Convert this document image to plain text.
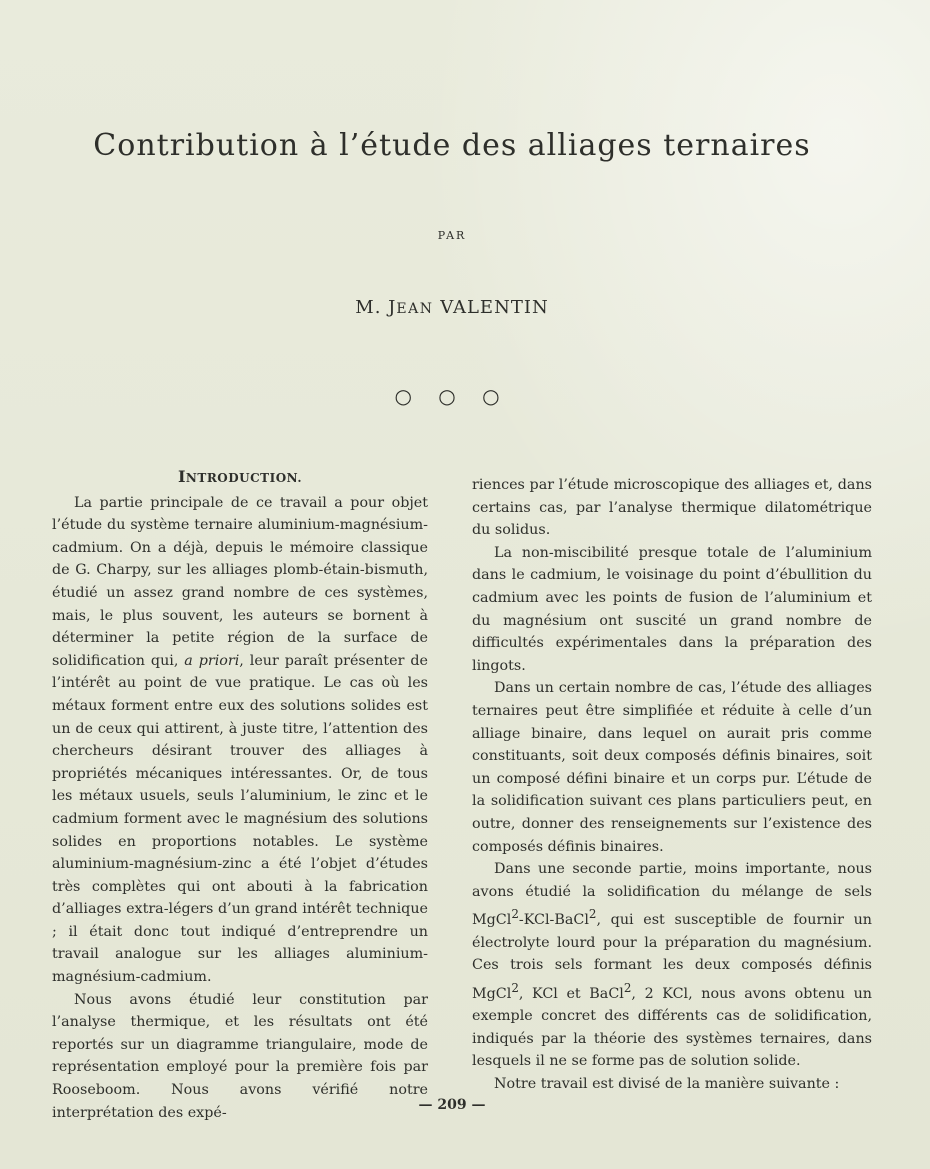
Contribution à l’étude des alliages ternaires

PAR

M. JEAN VALENTIN

○ ○ ○

INTRODUCTION.

La partie principale de ce travail a pour objet l’étude du système ternaire aluminium-magnésium-cadmium. On a déjà, depuis le mémoire classique de G. Charpy, sur les alliages plomb-étain-bismuth, étudié un assez grand nombre de ces systèmes, mais, le plus souvent, les auteurs se bornent à déterminer la petite région de la surface de solidification qui, a priori, leur paraît présenter de l’intérêt au point de vue pratique. Le cas où les métaux forment entre eux des solutions solides est un de ceux qui attirent, à juste titre, l’attention des chercheurs désirant trouver des alliages à propriétés mécaniques intéressantes. Or, de tous les métaux usuels, seuls l’aluminium, le zinc et le cadmium forment avec le magnésium des solutions solides en proportions notables. Le système aluminium-magnésium-zinc a été l’objet d’études très complètes qui ont abouti à la fabrication d’alliages extra-légers d’un grand intérêt technique ; il était donc tout indiqué d’entreprendre un travail analogue sur les alliages aluminium-magnésium-cadmium.

Nous avons étudié leur constitution par l’analyse thermique, et les résultats ont été reportés sur un diagramme triangulaire, mode de représentation employé pour la première fois par Rooseboom. Nous avons vérifié notre interprétation des expé-

riences par l’étude microscopique des alliages et, dans certains cas, par l’analyse thermique dilatométrique du solidus.

La non-miscibilité presque totale de l’aluminium dans le cadmium, le voisinage du point d’ébullition du cadmium avec les points de fusion de l’aluminium et du magnésium ont suscité un grand nombre de difficultés expérimentales dans la préparation des lingots.

Dans un certain nombre de cas, l’étude des alliages ternaires peut être simplifiée et réduite à celle d’un alliage binaire, dans lequel on aurait pris comme constituants, soit deux composés définis binaires, soit un composé défini binaire et un corps pur. L’étude de la solidification suivant ces plans particuliers peut, en outre, donner des renseignements sur l’existence des composés définis binaires.

Dans une seconde partie, moins importante, nous avons étudié la solidification du mélange de sels MgCl$^2$-KCl-BaCl$^2$, qui est susceptible de fournir un électrolyte lourd pour la préparation du magnésium. Ces trois sels formant les deux composés définis MgCl$^2$, KCl et BaCl$^2$, 2 KCl, nous avons obtenu un exemple concret des différents cas de solidification, indiqués par la théorie des systèmes ternaires, dans lesquels il ne se forme pas de solution solide.

Notre travail est divisé de la manière suivante :

— 209 —
